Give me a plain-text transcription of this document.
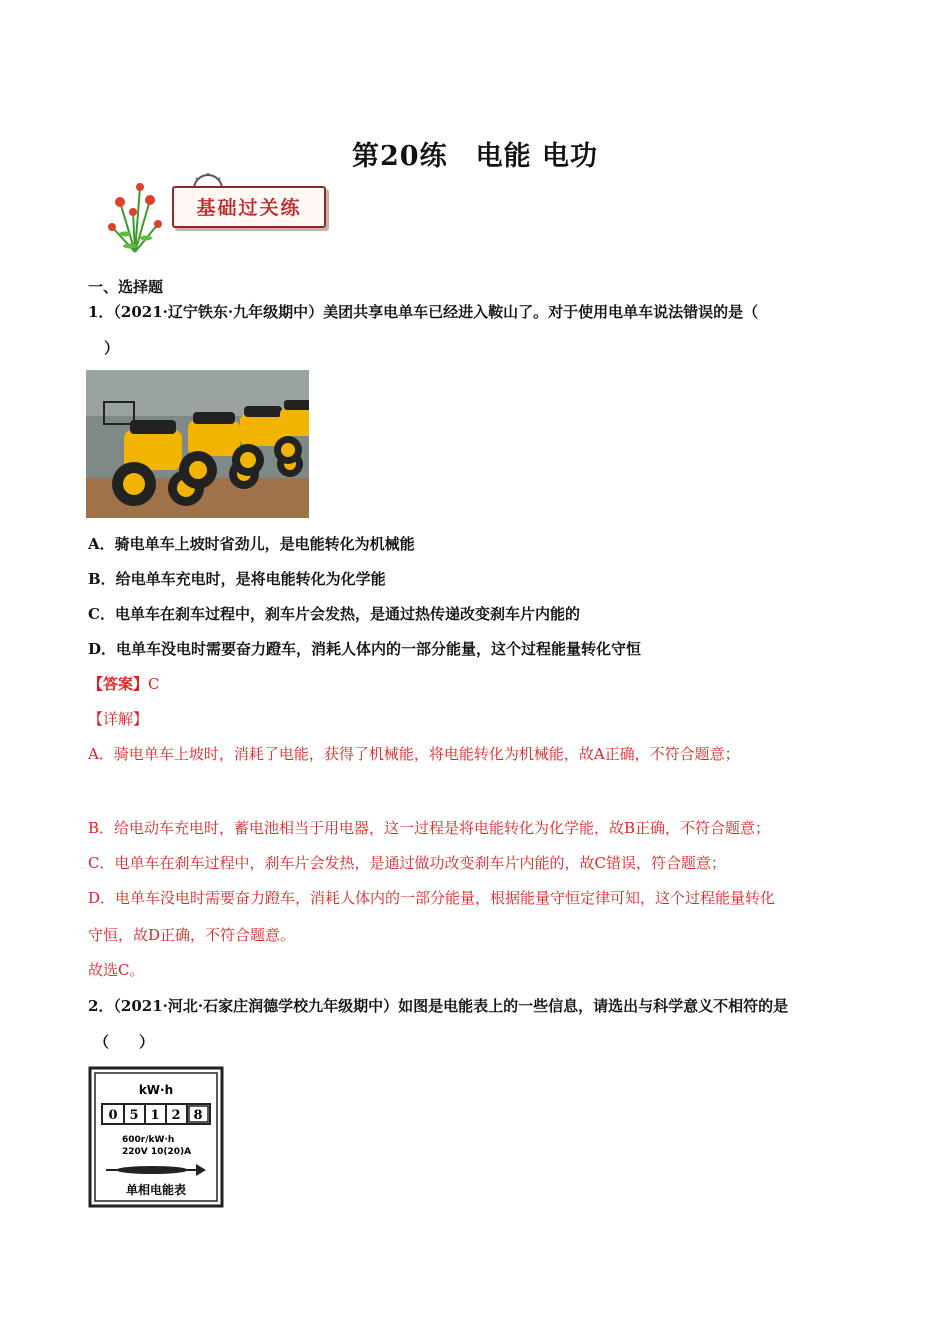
第20练　电能 电功
基础过关练
一、选择题
1．（2021·辽宁铁东·九年级期中）美团共享电单车已经进入鞍山了。对于使用电单车说法错误的是（
）
A．骑电单车上坡时省劲儿，是电能转化为机械能
B．给电单车充电时，是将电能转化为化学能
C．电单车在刹车过程中，刹车片会发热，是通过热传递改变刹车片内能的
D．电单车没电时需要奋力蹬车，消耗人体内的一部分能量，这个过程能量转化守恒
【答案】C
【详解】
A．骑电单车上坡时，消耗了电能，获得了机械能，将电能转化为机械能，故A正确，不符合题意；
B．给电动车充电时，蓄电池相当于用电器，这一过程是将电能转化为化学能，故B正确，不符合题意；
C．电单车在刹车过程中，刹车片会发热，是通过做功改变刹车片内能的，故C错误，符合题意；
D．电单车没电时需要奋力蹬车，消耗人体内的一部分能量，根据能量守恒定律可知，这个过程能量转化
守恒，故D正确，不符合题意。
故选C。
2．（2021·河北·石家庄润德学校九年级期中）如图是电能表上的一些信息，请选出与科学意义不相符的是
（　　）
kW·h
0 5 1 2 8
600r/kW·h
220V 10(20)A
单相电能表
